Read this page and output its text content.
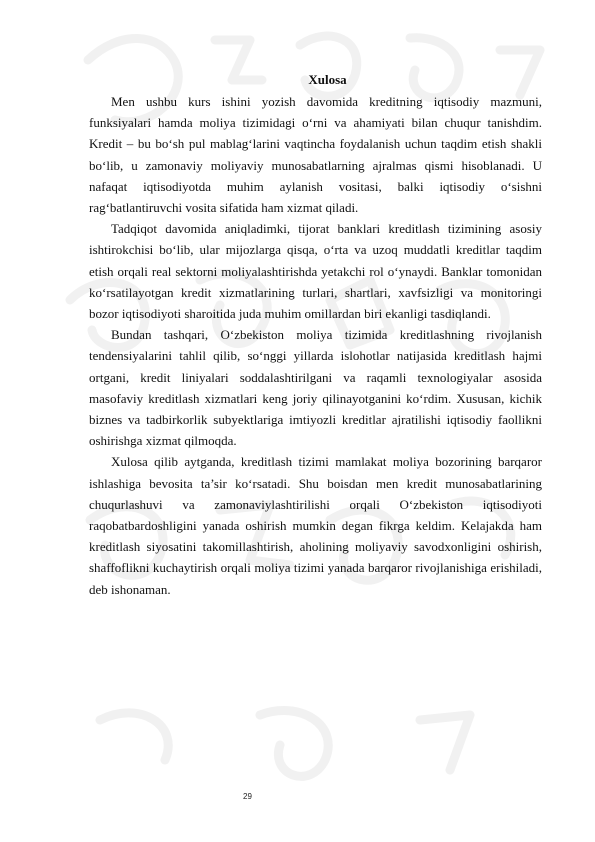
Xulosa

Men ushbu kurs ishini yozish davomida kreditning iqtisodiy mazmuni, funksiyalari hamda moliya tizimidagi o‘rni va ahamiyati bilan chuqur tanishdim. Kredit – bu bo‘sh pul mablag‘larini vaqtincha foydalanish uchun taqdim etish shakli bo‘lib, u zamonaviy moliyaviy munosabatlarning ajralmas qismi hisoblanadi. U nafaqat iqtisodiyotda muhim aylanish vositasi, balki iqtisodiy o‘sishni rag‘batlantiruvchi vosita sifatida ham xizmat qiladi.

Tadqiqot davomida aniqladimki, tijorat banklari kreditlash tizimining asosiy ishtirokchisi bo‘lib, ular mijozlarga qisqa, o‘rta va uzoq muddatli kreditlar taqdim etish orqali real sektorni moliyalashtirishda yetakchi rol o‘ynaydi. Banklar tomonidan ko‘rsatilayotgan kredit xizmatlarining turlari, shartlari, xavfsizligi va monitoringi bozor iqtisodiyoti sharoitida juda muhim omillardan biri ekanligi tasdiqlandi.

Bundan tashqari, O‘zbekiston moliya tizimida kreditlashning rivojlanish tendensiyalarini tahlil qilib, so‘nggi yillarda islohotlar natijasida kreditlash hajmi ortgani, kredit liniyalari soddalashtirilgani va raqamli texnologiyalar asosida masofaviy kreditlash xizmatlari keng joriy qilinayotganini ko‘rdim. Xususan, kichik biznes va tadbirkorlik subyektlariga imtiyozli kreditlar ajratilishi iqtisodiy faollikni oshirishga xizmat qilmoqda.

Xulosa qilib aytganda, kreditlash tizimi mamlakat moliya bozorining barqaror ishlashiga bevosita ta’sir ko‘rsatadi. Shu boisdan men kredit munosabatlarining chuqurlashuvi va zamonaviylashtirilishi orqali O‘zbekiston iqtisodiyoti raqobatbardoshligini yanada oshirish mumkin degan fikrga keldim. Kelajakda ham kreditlash siyosatini takomillashtirish, aholining moliyaviy savodxonligini oshirish, shaffoflikni kuchaytirish orqali moliya tizimi yanada barqaror rivojlanishiga erishiladi, deb ishonaman.

29
